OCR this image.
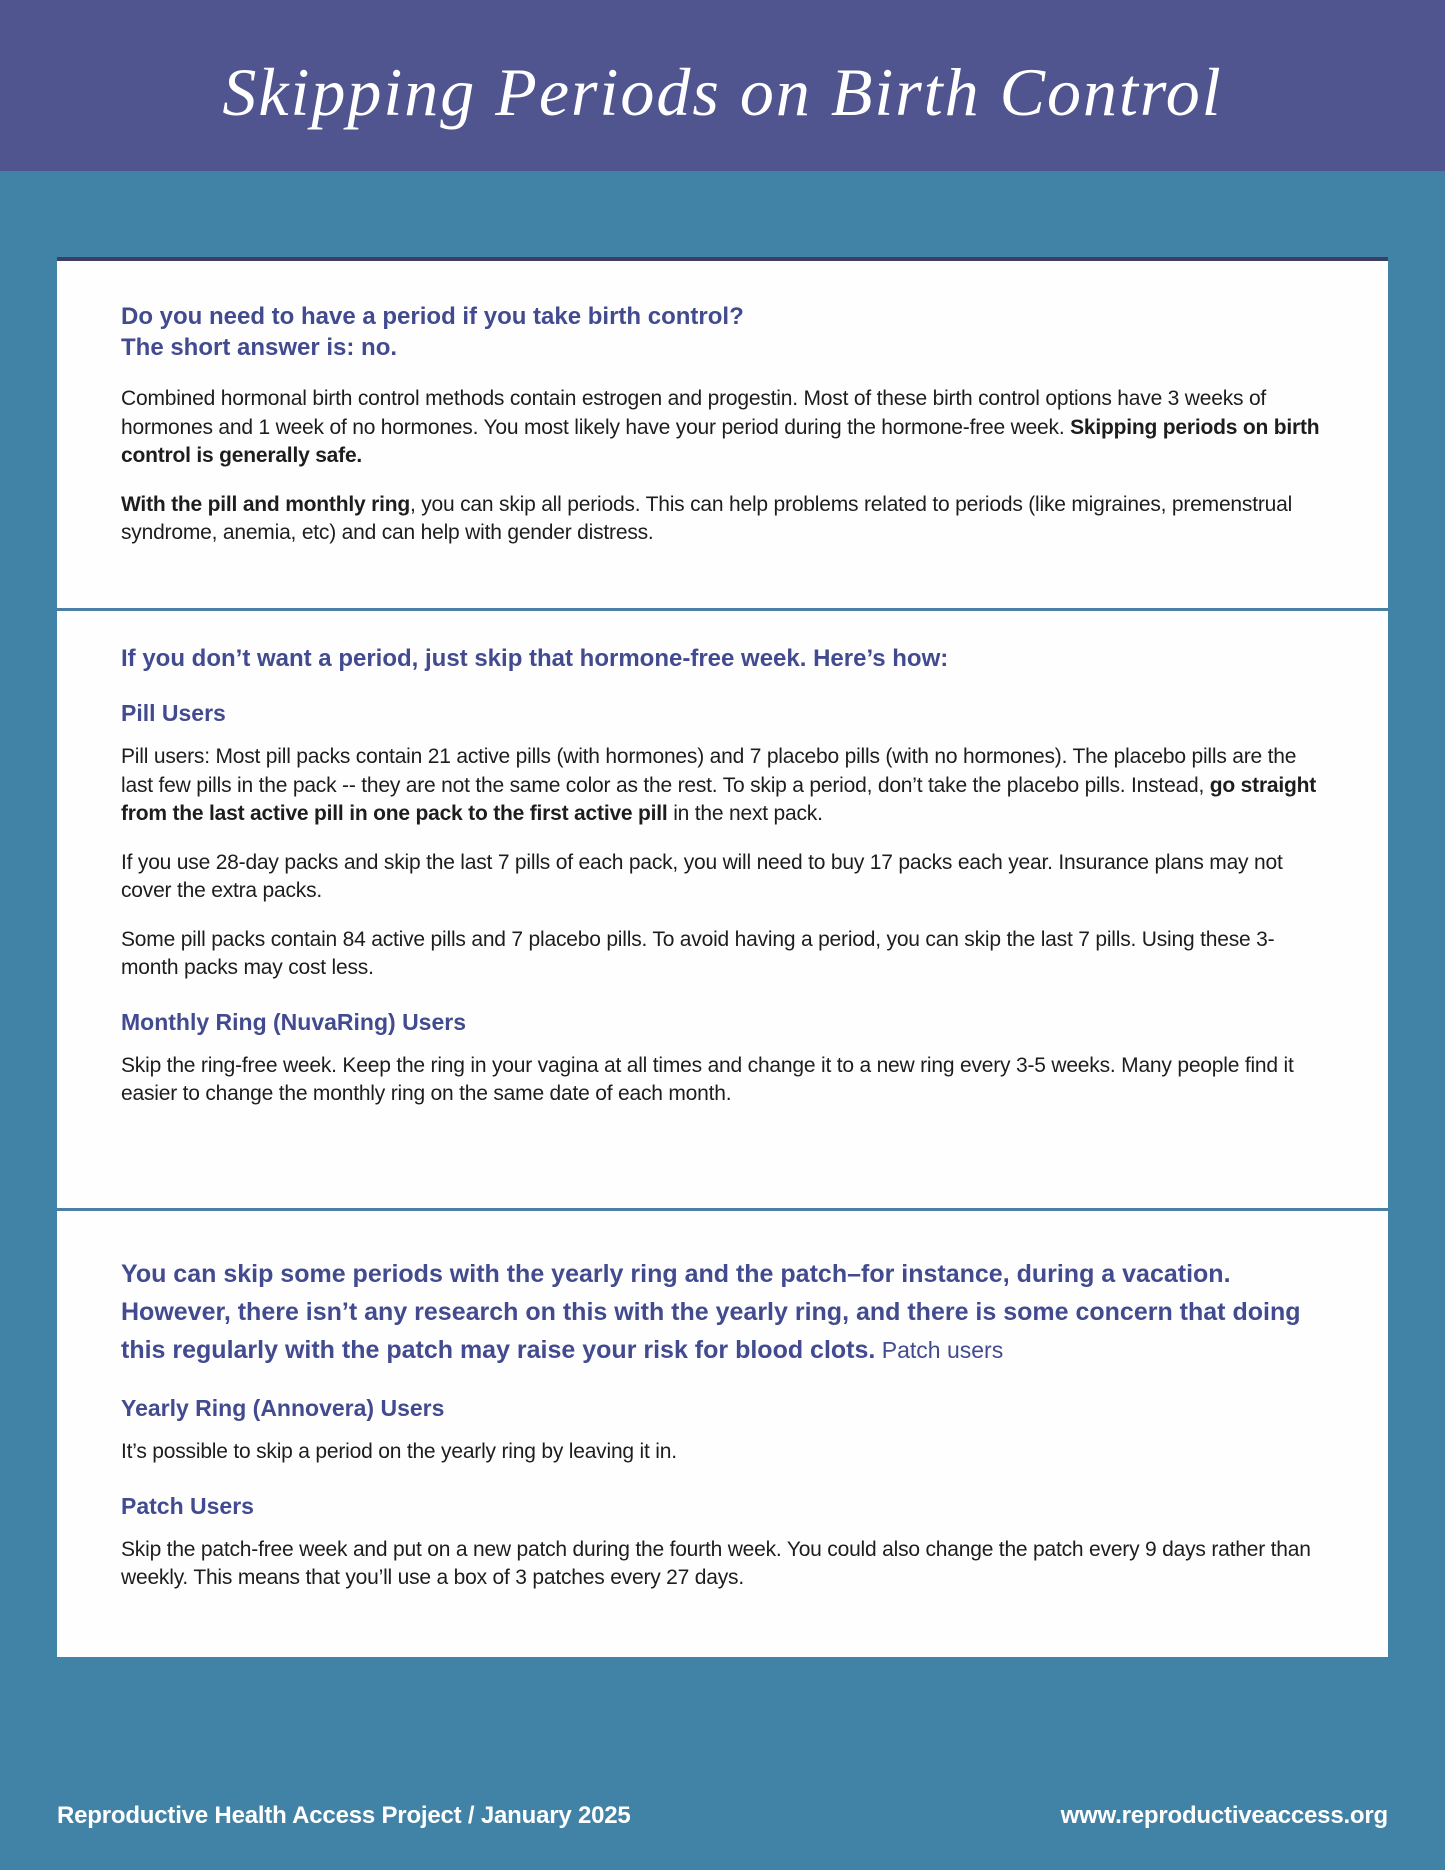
Skipping Periods on Birth Control
Do you need to have a period if you take birth control?
The short answer is: no.

Combined hormonal birth control methods contain estrogen and progestin. Most of these birth control options have 3 weeks of hormones and 1 week of no hormones. You most likely have your period during the hormone-free week. Skipping periods on birth control is generally safe.

With the pill and monthly ring, you can skip all periods. This can help problems related to periods (like migraines, premenstrual syndrome, anemia, etc) and can help with gender distress.

If you don’t want a period, just skip that hormone-free week. Here’s how:
Pill Users

Pill users: Most pill packs contain 21 active pills (with hormones) and 7 placebo pills (with no hormones). The placebo pills are the last few pills in the pack -- they are not the same color as the rest. To skip a period, don’t take the placebo pills. Instead, go straight from the last active pill in one pack to the first active pill in the next pack.

If you use 28-day packs and skip the last 7 pills of each pack, you will need to buy 17 packs each year. Insurance plans may not cover the extra packs.

Some pill packs contain 84 active pills and 7 placebo pills. To avoid having a period, you can skip the last 7 pills. Using these 3-month packs may cost less.

Monthly Ring (NuvaRing) Users

Skip the ring-free week. Keep the ring in your vagina at all times and change it to a new ring every 3-5 weeks. Many people find it easier to change the monthly ring on the same date of each month.

You can skip some periods with the yearly ring and the patch–for instance, during a vacation. However, there isn’t any research on this with the yearly ring, and there is some concern that doing this regularly with the patch may raise your risk for blood clots. Patch users
Yearly Ring (Annovera) Users

It’s possible to skip a period on the yearly ring by leaving it in.

Patch Users

Skip the patch-free week and put on a new patch during the fourth week. You could also change the patch every 9 days rather than weekly. This means that you’ll use a box of 3 patches every 27 days.

Reproductive Health Access Project / January 2025	www.reproductiveaccess.org
